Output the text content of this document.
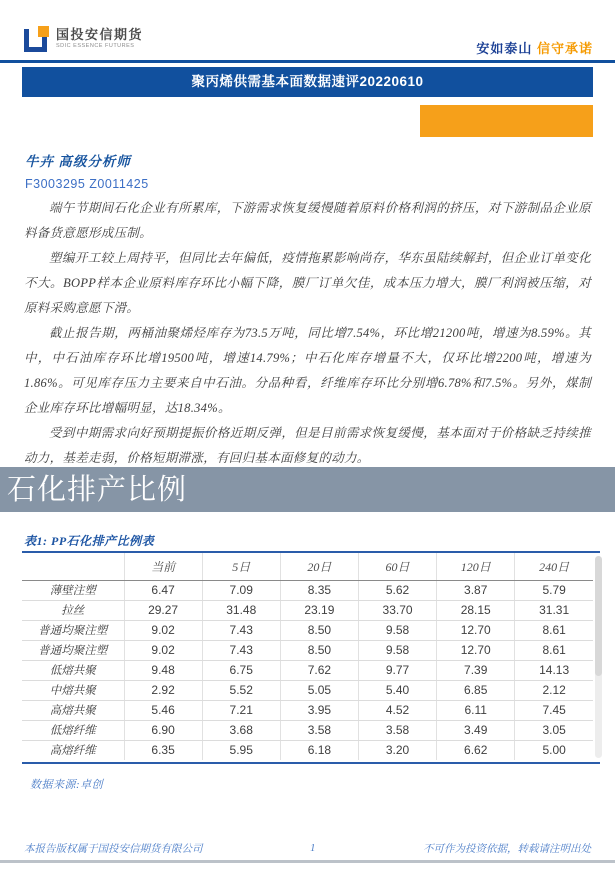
国投安信期货
SDIC ESSENCE FUTURES	安如泰山 信守承诺
聚丙烯供需基本面数据速评20220610
牛卉 高级分析师
F3003295 Z0011425

端午节期间石化企业有所累库，下游需求恢复缓慢随着原料价格利润的挤压，对下游制品企业原料备货意愿形成压制。

塑编开工较上周持平，但同比去年偏低，疫情拖累影响尚存，华东虽陆续解封，但企业订单变化不大。BOPP样本企业原料库存环比小幅下降，膜厂订单欠佳，成本压力增大，膜厂利润被压缩，对原料采购意愿下滑。

截止报告期，两桶油聚烯烃库存为73.5万吨，同比增7.54%，环比增21200吨，增速为8.59%。其中，中石油库存环比增19500吨，增速14.79%；中石化库存增量不大，仅环比增2200吨，增速为1.86%。可见库存压力主要来自中石油。分品种看，纤维库存环比分别增6.78%和7.5%。另外，煤制企业库存环比增幅明显，达18.34%。

受到中期需求向好预期提振价格近期反弹，但是目前需求恢复缓慢，基本面对于价格缺乏持续推动力，基差走弱，价格短期滞涨，有回归基本面修复的动力。

石化排产比例
表1: PP石化排产比例表
	当前	5日	20日	60日	120日	240日
薄壁注塑	6.47	7.09	8.35	5.62	3.87	5.79
拉丝	29.27	31.48	23.19	33.70	28.15	31.31
普通均聚注塑	9.02	7.43	8.50	9.58	12.70	8.61
普通均聚注塑	9.02	7.43	8.50	9.58	12.70	8.61
低熔共聚	9.48	6.75	7.62	9.77	7.39	14.13
中熔共聚	2.92	5.52	5.05	5.40	6.85	2.12
高熔共聚	5.46	7.21	3.95	4.52	6.11	7.45
低熔纤维	6.90	3.68	3.58	3.58	3.49	3.05
高熔纤维	6.35	5.95	6.18	3.20	6.62	5.00
数据来源:卓创
本报告版权属于国投安信期货有限公司	1	不可作为投资依据，转载请注明出处
